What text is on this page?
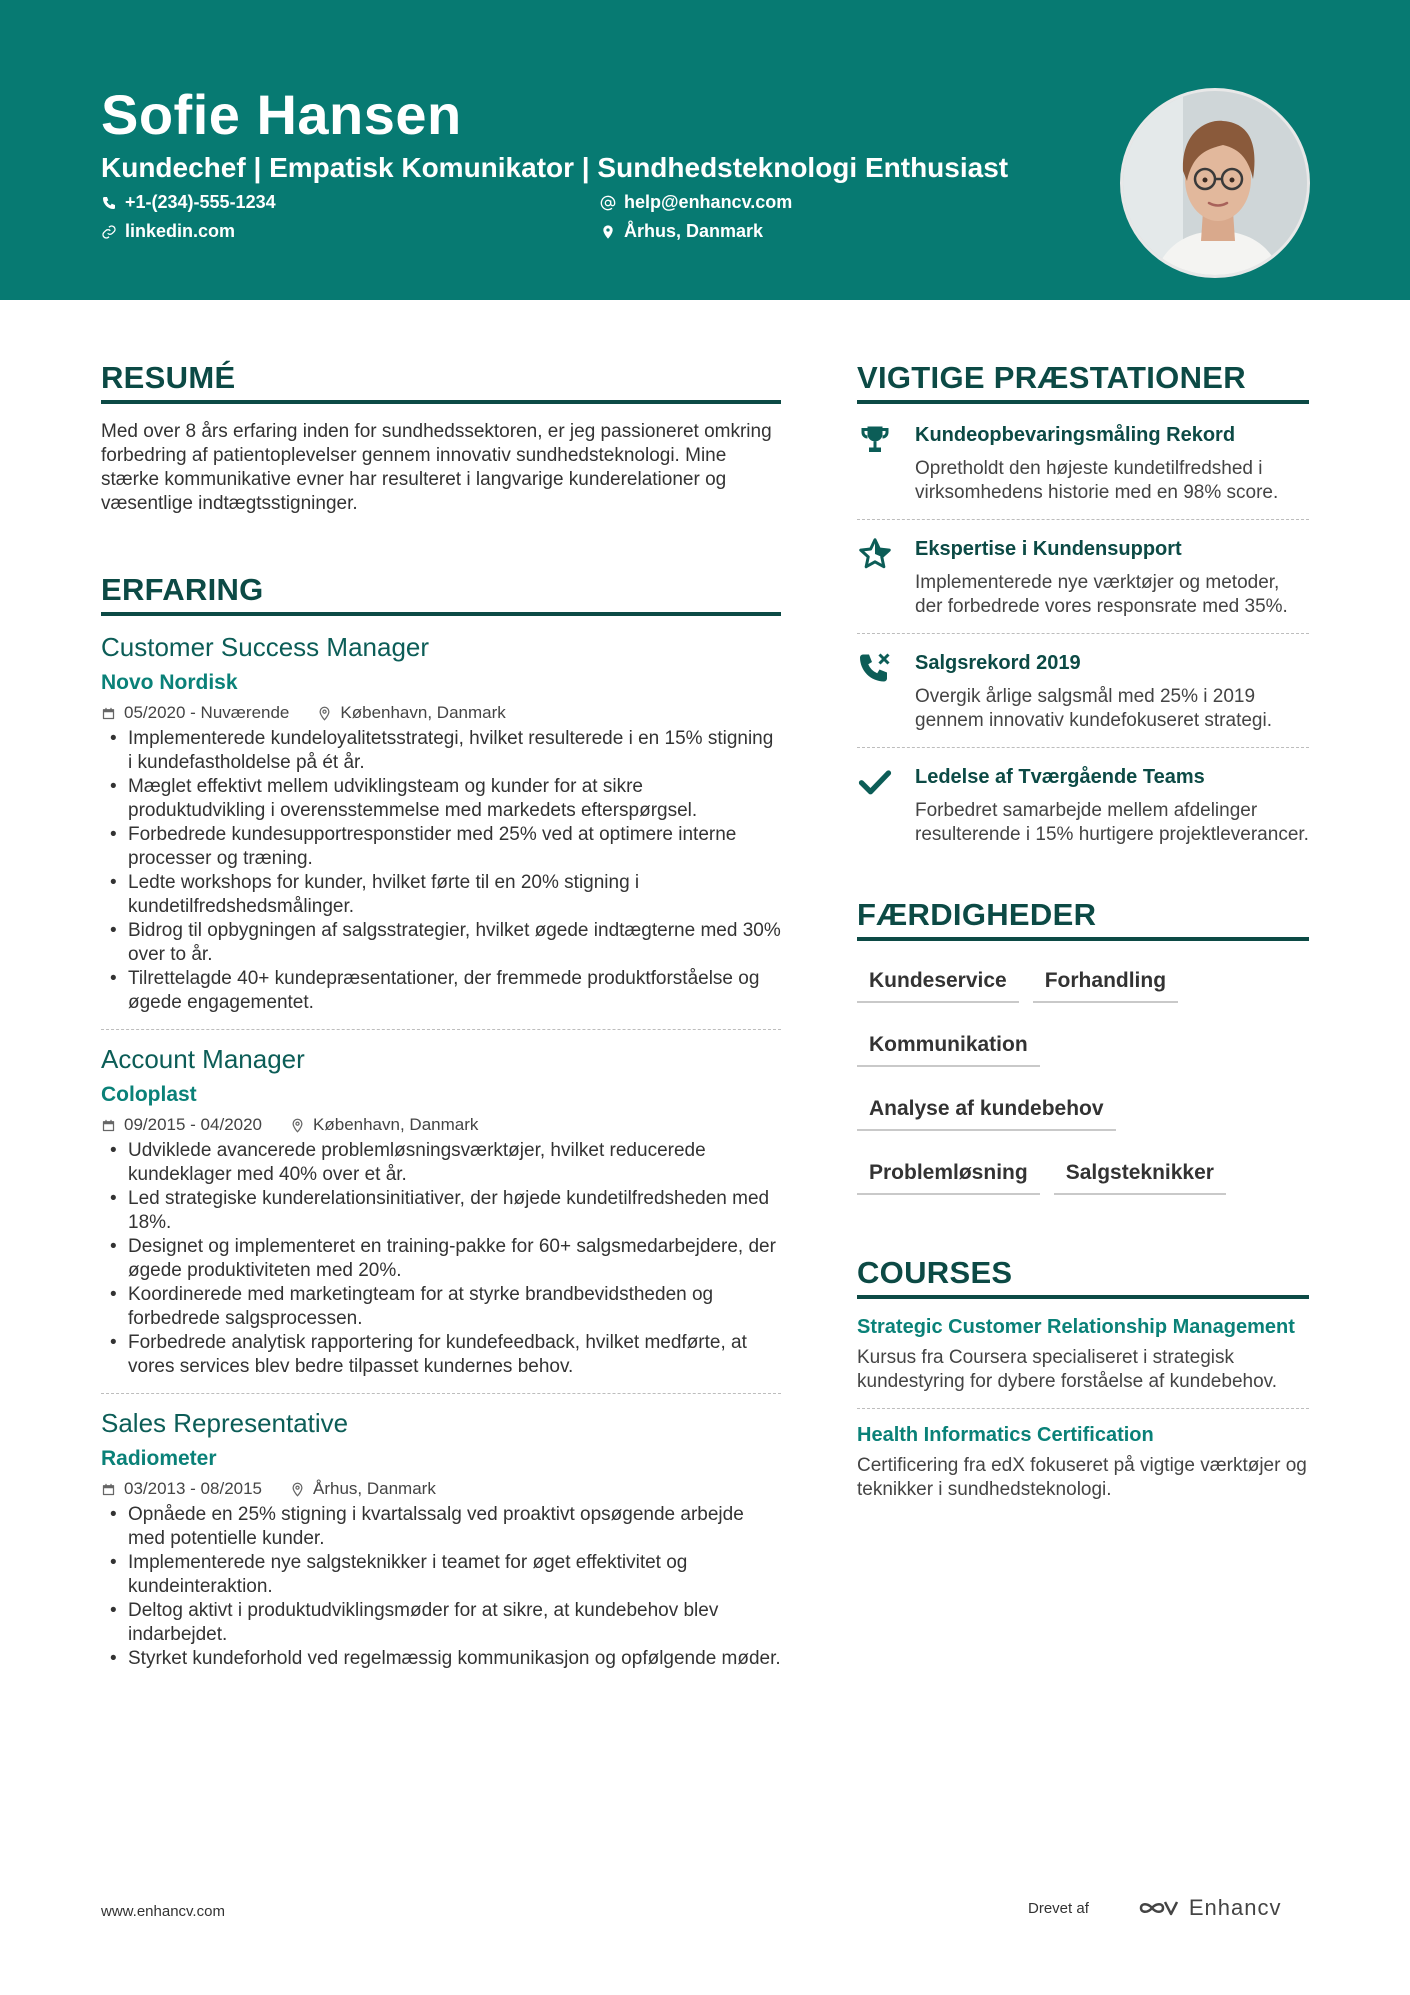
Sofie Hansen
Kundechef | Empatisk Komunikator | Sundhedsteknologi Enthusiast
+1-(234)-555-1234
linkedin.com
help@enhancv.com
Århus, Danmark
RESUMÉ
Med over 8 års erfaring inden for sundhedssektoren, er jeg passioneret omkring forbedring af patientoplevelser gennem innovativ sundhedsteknologi. Mine stærke kommunikative evner har resulteret i langvarige kunderelationer og væsentlige indtægtsstigninger.
ERFARING
Customer Success Manager
Novo Nordisk
05/2020 - Nuværende	København, Danmark
• Implementerede kundeloyalitetsstrategi, hvilket resulterede i en 15% stigning i kundefastholdelse på ét år.
• Mæglet effektivt mellem udviklingsteam og kunder for at sikre produktudvikling i overensstemmelse med markedets efterspørgsel.
• Forbedrede kundesupportresponstider med 25% ved at optimere interne processer og træning.
• Ledte workshops for kunder, hvilket førte til en 20% stigning i kundetilfredshedsmålinger.
• Bidrog til opbygningen af salgsstrategier, hvilket øgede indtægterne med 30% over to år.
• Tilrettelagde 40+ kundepræsentationer, der fremmede produktforståelse og øgede engagementet.
Account Manager
Coloplast
09/2015 - 04/2020	København, Danmark
• Udviklede avancerede problemløsningsværktøjer, hvilket reducerede kundeklager med 40% over et år.
• Led strategiske kunderelationsinitiativer, der højede kundetilfredsheden med 18%.
• Designet og implementeret en training-pakke for 60+ salgsmedarbejdere, der øgede produktiviteten med 20%.
• Koordinerede med marketingteam for at styrke brandbevidstheden og forbedrede salgsprocessen.
• Forbedrede analytisk rapportering for kundefeedback, hvilket medførte, at vores services blev bedre tilpasset kundernes behov.
Sales Representative
Radiometer
03/2013 - 08/2015	Århus, Danmark
• Opnåede en 25% stigning i kvartalssalg ved proaktivt opsøgende arbejde med potentielle kunder.
• Implementerede nye salgsteknikker i teamet for øget effektivitet og kundeinteraktion.
• Deltog aktivt i produktudviklingsmøder for at sikre, at kundebehov blev indarbejdet.
• Styrket kundeforhold ved regelmæssig kommunikasjon og opfølgende møder.
VIGTIGE PRÆSTATIONER
Kundeopbevaringsmåling Rekord
Opretholdt den højeste kundetilfredshed i virksomhedens historie med en 98% score.
Ekspertise i Kundensupport
Implementerede nye værktøjer og metoder, der forbedrede vores responsrate med 35%.
Salgsrekord 2019
Overgik årlige salgsmål med 25% i 2019 gennem innovativ kundefokuseret strategi.
Ledelse af Tværgående Teams
Forbedret samarbejde mellem afdelinger resulterende i 15% hurtigere projektleverancer.
FÆRDIGHEDER
Kundeservice	Forhandling
Kommunikation
Analyse af kundebehov
Problemløsning	Salgsteknikker
COURSES
Strategic Customer Relationship Management
Kursus fra Coursera specialiseret i strategisk kundestyring for dybere forståelse af kundebehov.
Health Informatics Certification
Certificering fra edX fokuseret på vigtige værktøjer og teknikker i sundhedsteknologi.
www.enhancv.com	Drevet af	Enhancv
